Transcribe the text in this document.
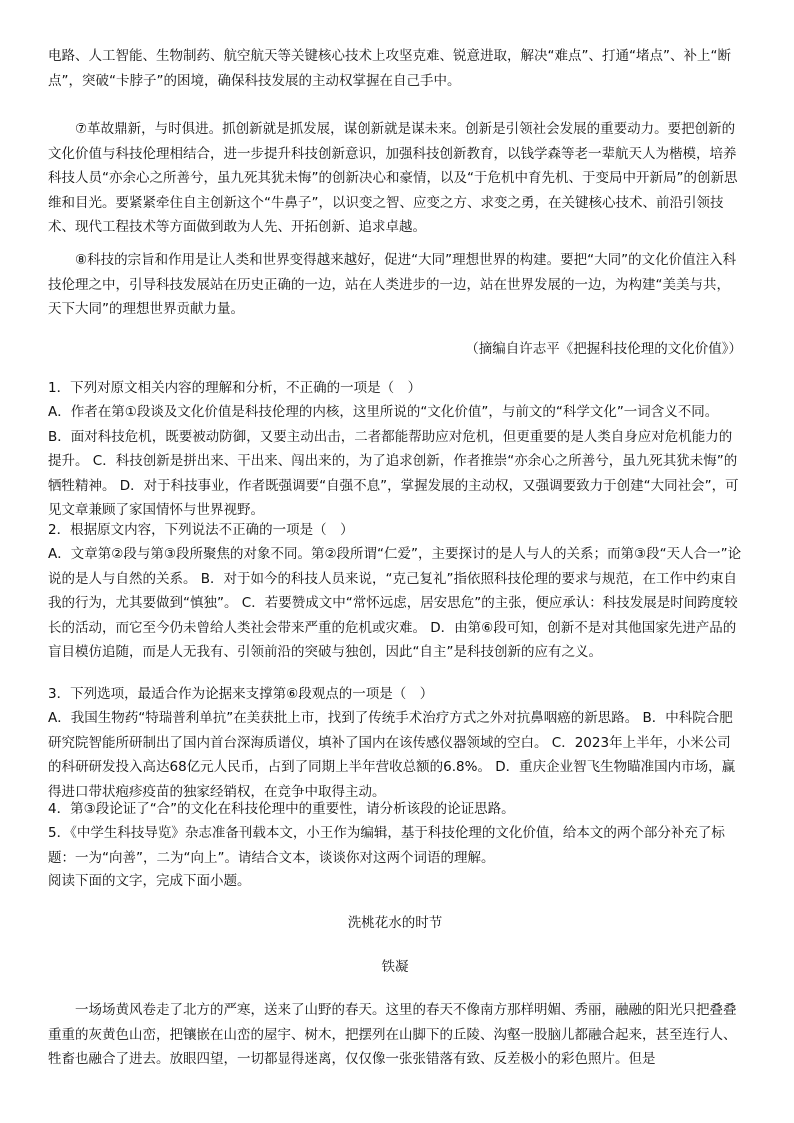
电路、人工智能、生物制药、航空航天等关键核心技术上攻坚克难、锐意进取，解决“难点”、打通“堵点”、补上“断点”，突破“卡脖子”的困境，确保科技发展的主动权掌握在自己手中。

⑦革故鼎新，与时俱进。抓创新就是抓发展，谋创新就是谋未来。创新是引领社会发展的重要动力。要把创新的文化价值与科技伦理相结合，进一步提升科技创新意识，加强科技创新教育，以钱学森等老一辈航天人为楷模，培养科技人员“亦余心之所善兮，虽九死其犹未悔”的创新决心和豪情，以及“于危机中育先机、于变局中开新局”的创新思维和目光。要紧紧牵住自主创新这个“牛鼻子”，以识变之智、应变之方、求变之勇，在关键核心技术、前沿引领技术、现代工程技术等方面做到敢为人先、开拓创新、追求卓越。

⑧科技的宗旨和作用是让人类和世界变得越来越好，促进“大同”理想世界的构建。要把“大同”的文化价值注入科技伦理之中，引导科技发展站在历史正确的一边，站在人类进步的一边，站在世界发展的一边，为构建“美美与共，天下大同”的理想世界贡献力量。

（摘编自许志平《把握科技伦理的文化价值》）

1．下列对原文相关内容的理解和分析，不正确的一项是（　）

A．作者在第①段谈及文化价值是科技伦理的内核，这里所说的“文化价值”，与前文的“科学文化”一词含义不同。 B．面对科技危机，既要被动防御，又要主动出击，二者都能帮助应对危机，但更重要的是人类自身应对危机能力的提升。 C．科技创新是拼出来、干出来、闯出来的，为了追求创新，作者推崇“亦余心之所善兮，虽九死其犹未悔”的牺牲精神。 D．对于科技事业，作者既强调要“自强不息”，掌握发展的主动权，又强调要致力于创建“大同社会”，可见文章兼顾了家国情怀与世界视野。

2．根据原文内容，下列说法不正确的一项是（　）

A．文章第②段与第③段所聚焦的对象不同。第②段所谓“仁爱”，主要探讨的是人与人的关系；而第③段“天人合一”论说的是人与自然的关系。 B．对于如今的科技人员来说，“克己复礼”指依照科技伦理的要求与规范，在工作中约束自我的行为，尤其要做到“慎独”。 C．若要赞成文中“常怀远虑，居安思危”的主张，便应承认：科技发展是时间跨度较长的活动，而它至今仍未曾给人类社会带来严重的危机或灾难。 D．由第⑥段可知，创新不是对其他国家先进产品的盲目模仿追随，而是人无我有、引领前沿的突破与独创，因此“自主”是科技创新的应有之义。

3．下列选项，最适合作为论据来支撑第⑥段观点的一项是（　）

A．我国生物药“特瑞普利单抗”在美获批上市，找到了传统手术治疗方式之外对抗鼻咽癌的新思路。 B．中科院合肥研究院智能所研制出了国内首台深海质谱仪，填补了国内在该传感仪器领域的空白。 C．2023年上半年，小米公司的科研研发投入高达68亿元人民币，占到了同期上半年营收总额的6.8%。 D．重庆企业智飞生物瞄准国内市场，赢得进口带状疱疹疫苗的独家经销权，在竞争中取得主动。

4．第③段论证了“合”的文化在科技伦理中的重要性，请分析该段的论证思路。

5．《中学生科技导览》杂志准备刊载本文，小王作为编辑，基于科技伦理的文化价值，给本文的两个部分补充了标题：一为“向善”，二为“向上”。请结合文本，谈谈你对这两个词语的理解。

阅读下面的文字，完成下面小题。

洗桃花水的时节

铁凝

一场场黄风卷走了北方的严寒，送来了山野的春天。这里的春天不像南方那样明媚、秀丽，融融的阳光只把叠叠重重的灰黄色山峦，把镶嵌在山峦的屋宇、树木，把摆列在山脚下的丘陵、沟壑一股脑儿都融合起来，甚至连行人、牲畜也融合了进去。放眼四望，一切都显得迷离，仅仅像一张张错落有致、反差极小的彩色照片。但是
